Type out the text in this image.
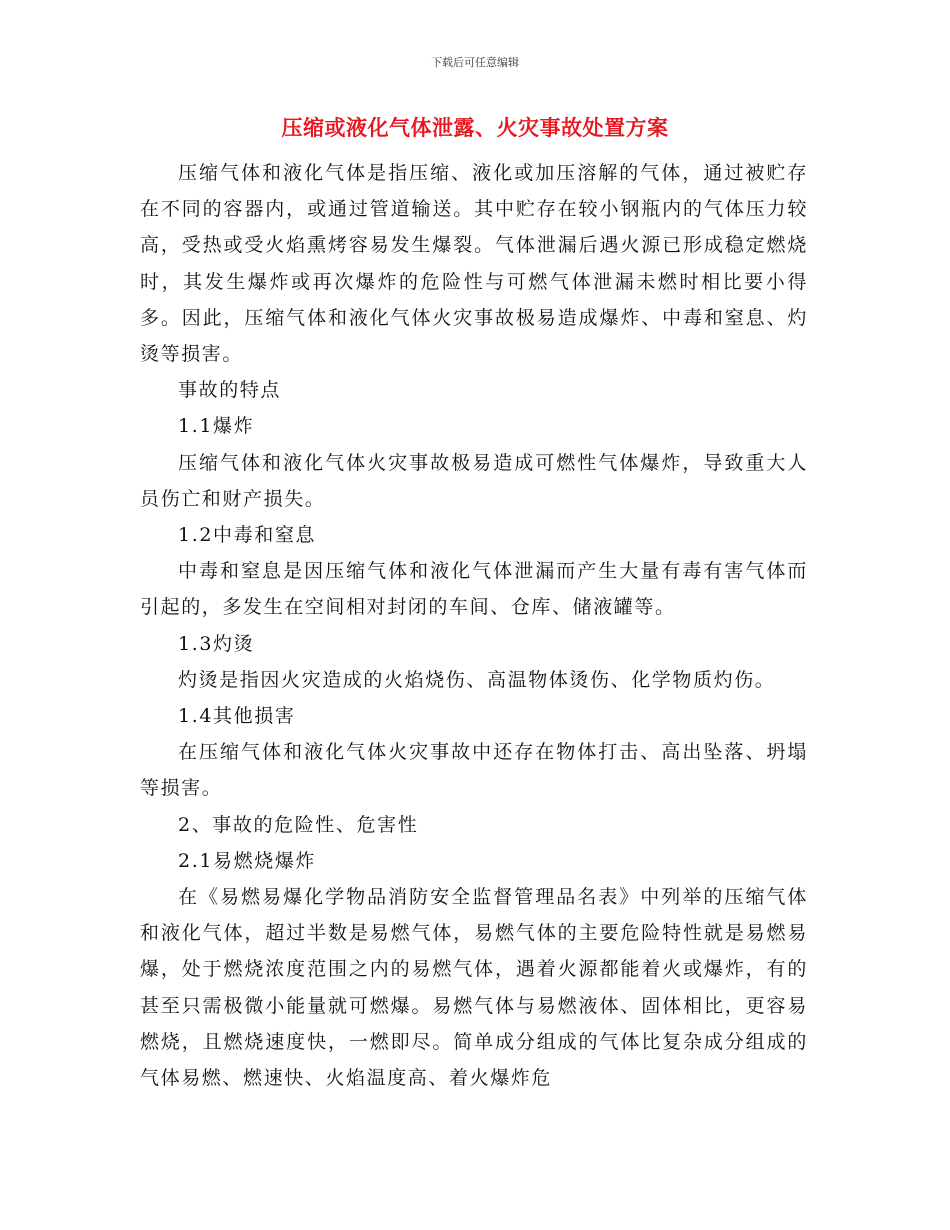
下载后可任意编辑
压缩或液化气体泄露、火灾事故处置方案

压缩气体和液化气体是指压缩、液化或加压溶解的气体，通过被贮存在不同的容器内，或通过管道输送。其中贮存在较小钢瓶内的气体压力较高，受热或受火焰熏烤容易发生爆裂。气体泄漏后遇火源已形成稳定燃烧时，其发生爆炸或再次爆炸的危险性与可燃气体泄漏未燃时相比要小得多。因此，压缩气体和液化气体火灾事故极易造成爆炸、中毒和窒息、灼烫等损害。

事故的特点

1.1爆炸

压缩气体和液化气体火灾事故极易造成可燃性气体爆炸，导致重大人员伤亡和财产损失。

1.2中毒和窒息

中毒和窒息是因压缩气体和液化气体泄漏而产生大量有毒有害气体而引起的，多发生在空间相对封闭的车间、仓库、储液罐等。

1.3灼烫

灼烫是指因火灾造成的火焰烧伤、高温物体烫伤、化学物质灼伤。

1.4其他损害

在压缩气体和液化气体火灾事故中还存在物体打击、高出坠落、坍塌等损害。

2、事故的危险性、危害性

2.1易燃烧爆炸

在《易燃易爆化学物品消防安全监督管理品名表》中列举的压缩气体和液化气体，超过半数是易燃气体，易燃气体的主要危险特性就是易燃易爆，处于燃烧浓度范围之内的易燃气体，遇着火源都能着火或爆炸，有的甚至只需极微小能量就可燃爆。易燃气体与易燃液体、固体相比，更容易燃烧，且燃烧速度快，一燃即尽。简单成分组成的气体比复杂成分组成的气体易燃、燃速快、火焰温度高、着火爆炸危
